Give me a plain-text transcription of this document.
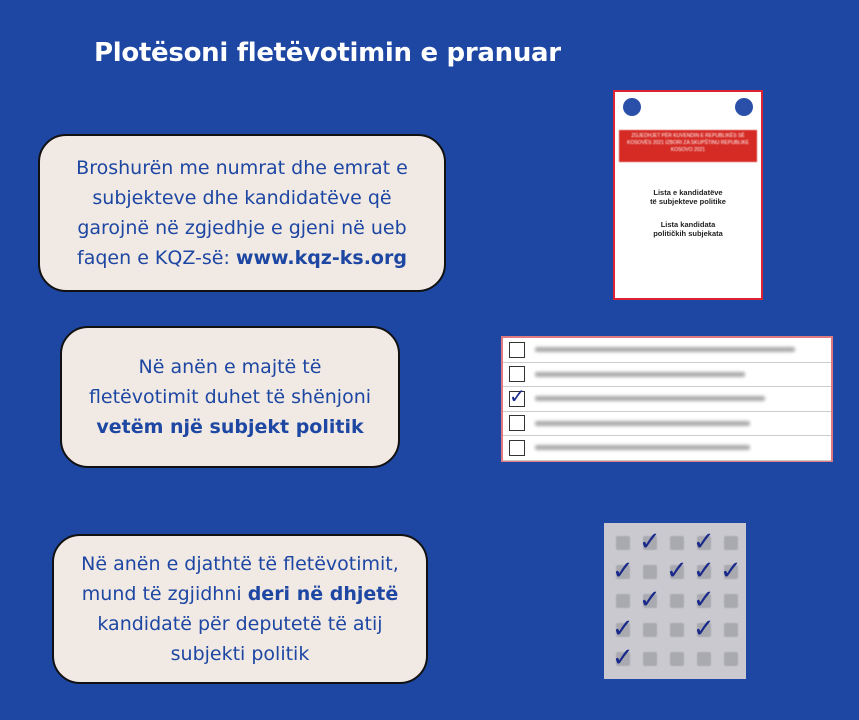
Plotësoni fletëvotimin e pranuar
Broshurën me numrat dhe emrat e
subjekteve dhe kandidatëve që
garojnë në zgjedhje e gjeni në ueb
faqen e KQZ-së: www.kqz-ks.org
Në anën e majtë të
fletëvotimit duhet të shënjoni
vetëm një subjekt politik
Në anën e djathtë të fletëvotimit,
mund të zgjidhni deri në dhjetë
kandidatë për deputetë të atij
subjekti politik
ZGJEDHJET PËR KUVENDIN E REPUBLIKËS SË KOSOVËS 2021 IZBORI ZA SKUPŠTINU REPUBLIKE KOSOVO 2021
Lista e kandidatëve
të subjekteve politike
Lista kandidata
političkih subjekata
✓
✓ ✓
✓ ✓ ✓ ✓
✓ ✓
✓ ✓
✓
